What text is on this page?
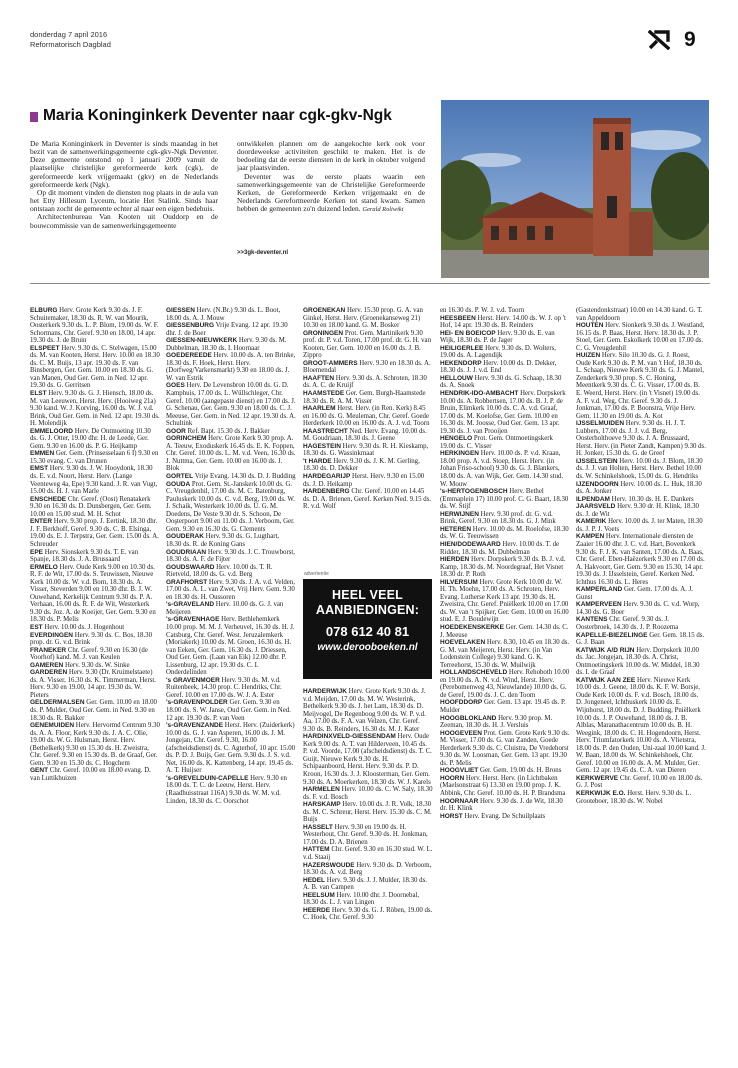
donderdag 7 april 2016
Reformatorisch Dagblad	9
Maria Koninginkerk Deventer naar cgk-gkv-Ngk

De Maria Koninginkerk in Deventer is sinds maandag in het bezit van de samenwerkingsgemeente cgk-gkv-Ngk Deventer. Deze gemeente ontstond op 1 januari 2009 vanuit de plaatselijke christelijke gereformeerde kerk (cgk), de gereformeerde kerk vrijgemaakt (gkv) en de Nederlands gereformeerde kerk (Ngk).

Op dit moment vinden de diensten nog plaats in de aula van het Etty Hillesum Lyceum, locatie Het Stalink. Sinds haar ontstaan zocht de gemeente echter al naar een eigen bedehuis.

Architectenbureau Van Kooten uit Ouddorp en de bouwcommissie van de samenwerkingsgemeente

ontwikkelen plannen om de aangekochte kerk ook voor doordeweekse activiteiten geschikt te maken. Het is de bedoeling dat de eerste diensten in de kerk in oktober volgend jaar plaatsvinden.

Deventer was de eerste plaats waarin een samenwerkingsgemeente van de Christelijke Gereformeerde Kerken, de Gereformeerde Kerken vrijgemaakt en de Nederlands Gereformeerde Kerken tot stand kwam. Samen hebben de gemeenten zo'n duizend leden. Gerald Roliwiki

>>3gk-deventer.nl

ELBURG Herv. Grote Kerk 9.30 ds. J. F. Schuitemaker, 18.30 ds. R. W. van Mourik, Oosterkerk 9.30 ds. L. P. Blom, 19.00 ds. W. F. Schormans, Chr. Geref. 9.30 en 18.00, 14 apr. 19.30 ds. J. de Bruin

ELSPEET Herv. 9.30 ds. C. Stelwagen, 15.00 ds. M. van Kooten, Herst. Herv. 10.00 en 18.30 ds. C. M. Buijs, 13 apr. 19.30 ds. F. van Binsbergen, Ger. Gem. 10.00 en 18.30 ds. G. van Manen, Oud Ger. Gem. in Ned. 12 apr. 19.30 ds. G. Gerritsen

ELST Herv. 9.30 ds. G. J. Hiensch, 18.00 ds. M. van Leeuwen, Herst. Herv. (Hooiweg 21a) 9.30 kand. W. J. Korving, 16.00 ds. W. J. v.d. Brink, Oud Ger. Gem. in Ned. 12 apr. 19.30 ds. H. Molendijk

EMMELOORD Herv. De Ontmoeting 10.30 ds. G. J. Otter, 19.00 dhr. H. de Leede, Ger. Gem. 9.30 en 16.00 ds. P. G. Heijkamp

EMMEN Ger. Gem. (Prinsesselaan 6 I) 9.30 en 15.30 evang. C. van Drunen

EMST Herv. 9.30 ds. J. W. Hooydonk, 18.30 ds. E. v.d. Noort, Herst. Herv. (Lange Veenteweg 4a, Epe) 9.30 kand. J. R. van Vugt, 15.00 ds. H. J. van Marle

ENSCHEDE Chr. Geref. (Oost) Renatakerk 9.30 en 16.30 ds. D. Dunsbergen, Ger. Gem. 10.00 en 15.00 stud. M. H. Schot

ENTER Herv. 9.30 prop. J. Eertink, 18.30 dhr. J. F. Berkhoff, Geref. 9.30 ds. C. B. Elsinga, 19.00 ds. E. J. Terpstra, Ger. Gem. 15.00 ds. A. Schreuder

EPE Herv. Sionskerk 9.30 ds. T. E. van Spanje, 18.30 ds. J. A. Brussaard

ERMELO Herv. Oude Kerk 9.00 en 10.30 ds. R. F. de Wit, 17.00 ds. S. Teuwissen, Nieuwe Kerk 10.00 ds. W. v.d. Born, 18.30 ds. A. Visser, Steverden 9.00 en 10.30 dhr. B. J. W. Ouwehand, Kerkelijk Centrum 9.30 ds. P. A. Verhaan, 16.00 ds. R. F. de Wit, Westerkerk 9.30 ds. Joz. A. de Koeijer, Ger. Gem. 9.30 en 18.30 ds. P. Melis

EST Herv. 10.00 ds. J. Hogenhout

EVERDINGEN Herv. 9.30 ds. C. Bos, 18.30 prop. dr. G. v.d. Brink

FRANEKER Chr. Geref. 9.30 en 16.30 (de Voorhof) kand. M. J. van Keulen

GAMEREN Herv. 9.30 ds. W. Sinke

GARDEREN Herv. 9.30 (Dr. Kruimelstaete) ds. A. Visser, 16.30 ds. K. Timmerman, Herst. Herv. 9.30 en 19.00, 14 apr. 19.30 ds. W. Pieters

GELDERMALSEN Ger. Gem. 10.00 en 18.00 ds. P. Mulder, Oud Ger. Gem. in Ned. 9.30 en 18.30 ds. R. Bakker

GENEMUIDEN Herv. Hervormd Centrum 9.30 ds. A. A. Floor, Kerk 9.30 ds. J. A. C. Olie, 19.00 ds. W. G. Hulsman, Herst. Herv. (Bethelkerk) 9.30 en 15.30 ds. H. Zweistra, Chr. Geref. 9.30 en 15.30 ds. B. de Graaf, Ger. Gem. 9.30 en 15.30 ds. C. Hogchem

GENT Chr. Geref. 10.00 en 18.00 evang. D. van Luttikhuizen

GIESSEN Herv. (N.Br.) 9.30 ds. L. Boot, 18.00 ds. A. J. Mouw

GIESSENBURG Vrije Evang. 12 apr. 19.30 dhr. J. de Boer

GIESSEN-NIEUWKERK Herv. 9.30 ds. M. Dubbelman, 18.30 ds. I. Hoornaar

GOEDEREEDE Herv. 10.00 ds. A. ten Brinke, 18.30 ds. F. Hoek, Herst. Herv. (Dorfweg/Varkensmarkt) 9.30 en 18.00 ds. J. W. van Estrik

GOES Herv. De Levensbron 10.00 ds. G. D. Kamphuis, 17.00 ds. L. Wüllschleger, Chr. Geref. 10.00 (aangepaste dienst) en 17.00 ds. J. G. Schenau, Ger. Gem. 9.30 en 18.00 ds. C. J. Meeuse, Ger. Gem. in Ned. 12 apr. 19.30 ds. A. Schultink

GOOR Ref. Bapt. 15.30 ds. J. Bakker

GORINCHEM Herv. Grote Kerk 9.30 prop. A. A. Teeuw, Exoduskerk 16.45 ds. E. K. Foppen, Chr. Geref. 10.00 ds. L. M. v.d. Veen, 16.30 ds. J. Nuttma, Ger. Gem. 10.00 en 16.00 ds. J. Blok

GORTEL Vrije Evang. 14.30 ds. D. J. Budding

GOUDA Prot. Gem. St.-Janskerk 10.00 ds. G. C. Vreugdenhil, 17.00 ds. M. C. Batenburg, Pauluskerk 10.00 ds. C. v.d. Berg, 19.00 ds. W. J. Schaik, Westerkerk 10.00 ds. U. G. M. Doedens, De Veste 9.30 dr. S. Schoon, De Ooşterpoort 9.00 en 11.00 ds. J. Verboom, Ger. Gem. 9.30 en 16.30 ds. G. Clements

GOUDERAK Herv. 9.30 ds. G. Lugthart, 18.30 ds. R. de Koning Gans

GOUDRIAAN Herv. 9.30 ds. J. C. Trouwborst, 18.30 ds. A. F. de Fijter

GOUDSWAARD Herv. 10.00 ds. T. R. Rietveld, 18.00 ds. G. v.d. Berg

GRAFHORST Herv. 9.30 ds. J. A. v.d. Velden, 17.00 ds. A. L. van Zwet, Vrij Herv. Gem. 9.30 en 18.30 ds. H. Oussoren

's-GRAVELAND Herv. 10.00 ds. G. J. van Meijeren

's-GRAVENHAGE Herv. Bethlehemkerk 10.00 prop. M. M. J. Verheuvel, 16.30 ds. H. J. Catsburg, Chr. Geref. West. Jeruzalemkerk (Moriakerk) 10.00 ds. M. Groen, 16.30 ds. H. van Eeken, Ger. Gem. 16.30 ds. J. Driessen, Oud Ger. Gem. (Laan van Eik) 12.00 dhr. P. Lissenburg, 12 apr. 19.30 ds. C. I. Onderdelinden

's GRAVENMOER Herv. 9.30 ds. M. v.d. Ruitenbeek, 14.30 prop. C. Hendriks, Chr. Geref. 10.00 en 17.00 ds. W. J. A. Ester

's-GRAVENPOLDER Ger. Gem. 9.30 en 18.00 ds. S. W. Janse, Oud Ger. Gem. in Ned. 12 apr. 19.30 ds. P. van Veen

's-GRAVENZANDE Herst. Herv. (Zuiderkerk) 10.00 ds. G. J. van Asperen, 16.00 ds. J. M. Jongejan, Chr. Geref. 9.30, 16.00 (afscheidsdienst) ds. C. Agterhof, 10 apr. 15.00 ds. P. D. J. Buijs, Ger. Gem. 9.30 ds. J. S. v.d. Net, 16.00 ds. K. Kattenberg, 14 apr. 19.45 ds. A. T. Huijser

's-GREVELDUIN-CAPELLE Herv. 9.30 en 18.00 ds. T. C. de Leeuw, Herst. Herv. (Raadhuisstraat 116A) 9.30 ds. W. M. v.d. Linden, 18.30 ds. C. Oorschot

GROENEKAN Herv. 15.30 prop. G. A. van Ginkel, Herst. Herv. (Groenekanseweg 21) 10.30 en 18.00 kand. G. M. Bosker

GRONINGEN Prot. Gem. Martinikerk 9.30 prof. dr. P. v.d. Toren, 17.00 prof. dr. G. H. van Kooten, Ger. Gem. 10.00 en 16.00 ds. J. B. Zippro

GROOT-AMMERS Herv. 9.30 en 18.30 ds. A. Bloemendal

HAAFTEN Herv. 9.30 ds. A. Schroten, 18.30 ds. A. C. de Kruijf

HAAMSTEDE Ger. Gem. Burgh-Haamstede 18.30 ds. R. A. M. Visser

HAARLEM Herst. Herv. (in Ren. Kerk) 8.45 en 16.00 ds. G. Meuleman, Chr. Geref. Goede Herderkerk 10.00 en 16.00 ds. A. J. v.d. Toorn

HAASTRECHT Ned. Herv. Evang. 10.00 ds. M. Goudriaan, 18.30 ds. J. Geene

HAGESTEIN Herv. 9.30 ds. R. H. Kieskamp, 18.30 ds. G. Wassinkmaat

't HARDE Herv. 9.30 ds. J. K. M. Gerling, 18.30 ds. D. Dekker

HARDEGARIJP Herst. Herv. 9.30 en 15.00 ds. J. D. Heikamp

HARDENBERG Chr. Geref. 10.00 en 14.45 ds. D. A. Brienen, Geref. Kerken Ned. 9.15 ds. R. v.d. Wolf

HARDERWIJK Herv. Grote Kerk 9.30 ds. J. v.d. Meijden, 17.00 ds. M. W. Westerink, Bethelkerk 9.30 ds. J. het Lam, 18.30 ds. D. Meijvogel, De Regenboog 9.00 ds. W. P. v.d. Aa, 17.00 ds. F. A. van Velzen, Chr. Geref. 9.30 ds. B. Reinders, 16.30 ds. M. J. Kater

HARDINXVELD-GIESSENDAM Herv. Oude Kerk 9.00 ds. A. T. van Hilderveen, 10.45 ds. P. v.d. Voorde, 17.00 (afscheidsdienst) ds. T. C. Guijt, Nieuwe Kerk 9.30 ds. H. Schipaanboord, Herst. Herv. 9.30 ds. P. D. Kroon, 16.30 ds. J. J. Kloosterman, Ger. Gem. 9.30 ds. A. Moerkerken, 18.30 ds. W. J. Karels

HARMELEN Herv. 10.00 ds. C. W. Saly, 18.30 ds. F. v.d. Bosch

HARSKAMP Herv. 10.00 ds. J. R. Volk, 18.30 ds. M. C. Schreur, Herst. Herv. 15.30 ds. C. M. Buijs

HASSELT Herv. 9.30 en 19.00 ds. H. Westerhout, Chr. Geref. 9.30 ds. H. Jonkman, 17.00 ds. D. A. Brienen

HATTEM Chr. Geref. 9.30 en 16.30 stud. W. L. v.d. Staaij

HAZERSWOUDE Herv. 9.30 ds. D. Verboom, 18.30 ds. A. v.d. Berg

HEDEL Herv. 9.30 ds. J. J. Mulder, 18.30 ds. A. B. van Campen

HEELSUM Herv. 10.00 dhr. J. Doornebal, 18.30 ds. L. J. van Lingen

HEERDE Herv. 9.30 ds. G. J. Röben, 19.00 ds. C. Hoek, Chr. Geref. 9.30

en 16.30 ds. P. W. J. v.d. Toorn

HEESBEEN Herst. Herv. 14.00 ds. W. J. op 't Hof, 14 apr. 19.30 ds. B. Reinders

HEI- EN BOEICOP Herv. 9.30 ds. E. van Wijk, 18.30 ds. P. de Jager

HEILIGERLEE Herv. 9.30 ds. D. Wolters, 19.00 ds. A. Lagendijk

HEKENDORP Herv. 10.00 ds. D. Dekker, 18.30 ds. J. J. v.d. End

HELLOUW Herv. 9.30 ds. G. Schaap, 18.30 ds. A. Snoek

HENDRIK-IDO-AMBACHT Herv. Dorpskerk 10.00 ds. A. Robbertsen, 17.00 ds. B. J. P. de Bruin, Elimkerk 10.00 ds. C. A. v.d. Graaf, 17.00 ds. M. Koelofse, Ger. Gem. 10.00 en 16.30 ds. M. Joosse, Oud Ger. Gem. 13 apr. 19.30 ds. J. van Prooijen

HENGELO Prot. Gem. Ontmoetingskerk 19.00 ds. C. Visser

HERKINGEN Herv. 10.00 ds. P. v.d. Kraan, 18.00 prop. A. v.d. Stoep, Herst. Herv. (in Johan Friso-school) 9.30 ds. G. J. Blankers, 18.00 ds. A. van Wijk, Ger. Gem. 14.30 stud. W. Mouw

's-HERTOGENBOSCH Herv. Bethel (Emmaplein 17) 10.00 prof. C. G. Baart, 18.30 ds. W. Stijf

HERWIJNEN Herv. 9.30 prof. dr. G. v.d. Brink, Geref. 9.30 en 18.30 ds. G. J. Mink

HETEREN Herv. 10.00 ds. M. Roelofse, 18.30 ds. W. G. Teeuwissen

HIEN/DODEWAARD Herv. 10.00 ds. T. de Ridder, 18.30 ds. M. Dubbelman

HIERDEN Herv. Dorpskerk 9.30 ds. B. J. v.d. Kamp, 18.30 ds. M. Noordegraaf, Het Visnet 18.30 dr. P. Roth

HILVERSUM Herv. Grote Kerk 10.00 dr. W. H. Th. Moehn, 17.00 ds. A. Schroten, Herv. Evang. Lutherse Kerk 13 apr. 19.30 ds. H. Zweistra, Chr. Geref. Pniëlkerk 10.00 en 17.00 ds. W. van 't Spijker, Ger. Gem. 10.00 en 16.00 stud. E. J. Boudewijn

HOEDEKENSKERKE Ger. Gem. 14.30 ds. C. J. Meeuse

HOEVELAKEN Herv. 8.30, 10.45 en 18.30 ds. G. M. van Meijeren, Herst. Herv. (in Van Lodenstein College) 9.30 kand. G. K. Terreehorst, 15.30 ds. W. Muilwijk

HOLLANDSCHEVELD Herv. Rehoboth 10.00 en 19.00 ds. A. N. v.d. Wind, Herst. Herv. (Perebomenweg 43, Nieuwlande) 10.00 ds. G. de Geref, 19.00 ds. J. C. den Toom

HOOFDDORP Ger. Gem. 13 apr. 19.45 ds. P. Mulder

HOOGBLOKLAND Herv. 9.30 prop. M. Zeeman, 18.30 ds. H. J. Versluis

HOOGEVEEN Prot. Gem. Grote Kerk 9.30 ds. M. Visser, 17.00 ds. G. van Zanden, Goede Herderkerk 9.30 ds. C. Cluistra, De Vredehorst 9.30 ds. W. Loosman, Ger. Gem. 13 apr. 19.30 ds. P. Melis

HOOGVLIET Ger. Gem. 19.00 ds. H. Brons

HOORN Herv. Herst. Herv. (in Lichtbaken (Maelsonstraat 6) 13.30 en 19.00 prop. J. K. Abbink, Chr. Geref. 10.00 ds. H. P. Brandsma

HOORNAAR Herv. 9.30 ds. J. de Wit, 18.30 dr. H. Klink

HORST Herv. Evang. De Schuilplaats

(Gastendonkstraat) 10.00 en 14.30 kand. G. T. van Appeldoorn

HOUTEN Herv. Sionkerk 9.30 ds. J. Westland, 16.15 ds. P. Baas, Herst. Herv. 18.30 ds. J. P. Stoel, Ger. Gem. Eskolkerk 10.00 en 17.00 ds. C. G. Vreugdenhil

HUIZEN Herv. Silo 10.30 ds. G. J. Roest, Oude Kerk 9.30 ds. P. M. van 't Hof, 18.30 ds. L. Schaap, Nieuwe Kerk 9.30 ds. G. J. Mantel, Zenderkerk 9.30 prop. S. C. Honing, Meentkerk 9.30 ds. C. G. Visser, 17.00 ds. B. E. Weerd, Herst. Herv. (in 't Visnet) 19.00 ds. A. F. v.d. Weg, Chr. Geref. 9.30 ds. J. Jonkman, 17.00 ds. P. Boonstra, Vrije Herv. Gem. 11.30 en 19.00 ds. A. Kot

IJSSELMUIDEN Herv. 9.30 ds. H. J. T. Lubbers, 17.00 ds. J. J. v.d. Berg, Oosterholthoeve 9.30 ds. J. A. Brussaard, Herst. Herv. (in Pieter Zandt, Kampen) 9.30 ds. H. Jonker, 15.30 ds. G. de Greef

IJSSELSTEIN Herv. 10.00 ds. J. Blom, 18.30 ds. J. J. van Holten, Herst. Herv. Bethel 10.00 ds. W. Schinkelshoek, 15.00 ds. G. Hendriks

IJZENDOORN Herv. 10.00 ds. L. Huk, 18.30 ds. A. Jonker

ILPENDAM Herv. 10.30 ds. H. E. Dankers

JAARSVELD Herv. 9.30 dr. H. Klink, 18.30 ds. J. de Wit

KAMERIK Herv. 10.00 ds. J. ter Maten, 18.30 ds. J. P. J. Voets

KAMPEN Herv. Internationale diensten de Zaaier 16.00 dhr. J. C. v.d. Hart, Bovenkerk 9.30 ds. F. J. K. van Santen, 17.00 ds. A. Baas, Chr. Geref. Eben-Haëzerkerk 9.30 en 17.00 ds. A. Hakvoort, Ger. Gem. 9.30 en 15.30, 14 apr. 19.30 ds. J. IJsselstein, Geref. Kerken Ned. Ichthus 16.30 ds. L. Heres

KAMPERLAND Ger. Gem. 17.00 ds. A. J. Gunst

KAMPERVEEN Herv. 9.30 ds. C. v.d. Worp, 14.30 ds. G. Boer

KANTENS Chr. Geref. 9.30 ds. J. Oosterbroek, 14.30 ds. J. P. Roozema

KAPELLE-BIEZELINGE Ger. Gem. 18.15 ds. G. J. Baan

KATWIJK A/D RIJN Herv. Dorpskerk 10.00 ds. Jac. Jongejan, 18.30 ds. A. Christ, Ontmoetingskerk 10.00 ds. W. Middel, 18.30 ds. I. de Graaf

KATWIJK AAN ZEE Herv. Nieuwe Kerk 10.00 ds. J. Geene, 18.00 ds. K. F. W. Borsje, Oude Kerk 10.00 ds. F. v.d. Bosch, 18.00 ds. D. Jongeneel, Ichthuskerk 10.00 ds. E. Wijnhorst, 18.00 ds. D. J. Budding, Pniëlkerk 10.00 ds. J. P. Ouwehand, 18.00 ds. J. B. Alblas, Maranathacentrum 10.00 ds. B. H. Weegink, 18.00 ds. C. H. Hogendoorn, Herst. Herv. Triumfatorkerk 10.00 ds. A. Vlietstra, 18.00 ds. P. den Ouden, Uni-zaal 10.00 kand. J. W. Baan, 18.00 ds. W. Schinkelshoek, Chr. Geref. 10.00 en 16.00 ds. A. M. Mulder, Ger. Gem. 12 apr. 19.45 ds. C. A. van Dieren

KERKWERVE Chr. Geref. 10.00 en 18.00 ds. G. J. Post

KERKWIJK E.O. Herst. Herv. 9.30 ds. L. Grooteboer, 18.30 ds. W. Nobel

advertentie
HEEL VEEL
AANBIEDINGEN:
078 612 40 81
www.derooboeken.nl
